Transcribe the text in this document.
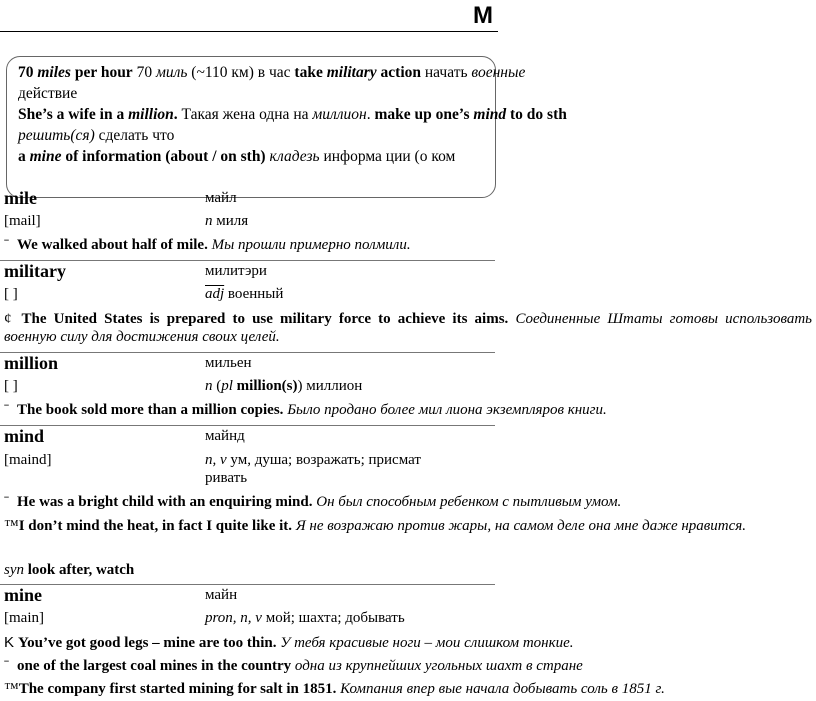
M
70 miles per hour 70 миль (~110 км) в час take military action начать военные
действие
She’s a wife in a million. Такая жена одна на миллион. make up one’s mind to do sth
решить(ся) сделать что
a mine of information (about / on sth) кладезь информа ции (о ком
mile	майл
[mail]	n миля
ˉ We walked about half of mile. Мы прошли примерно полмили.
military	милитэри
[ ]	$\overline{adj}$ военный
¢ The United States is prepared to use military force to achieve its aims. Соединенные Штаты готовы использовать военную силу для достижения своих целей.
million	мильен
[ ]	n (pl million(s)) миллион
ˉ The book sold more than a million copies. Было продано более мил лиона экземпляров книги.
mind	майнд
[maind]	n, v ум, душа; возражать; присмат
ривать
ˉ He was a bright child with an enquiring mind. Он был способным ребенком с пытливым умом.
™I don’t mind the heat, in fact I quite like it. Я не возражаю против жары, на самом деле она мне даже нравится.
syn look after, watch
mine	майн
[main]	pron, n, v мой; шахта; добывать
K You’ve got good legs – mine are too thin. У тебя красивые ноги – мои слишком тонкие.
ˉ one of the largest coal mines in the country одна из крупнейших угольных шахт в стране
™The company first started mining for salt in 1851. Компания впер вые начала добывать соль в 1851 г.
